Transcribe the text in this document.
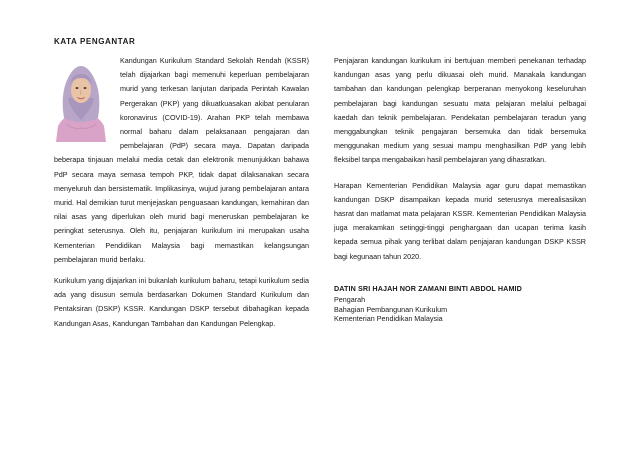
KATA PENGANTAR

Kandungan Kurikulum Standard Sekolah Rendah (KSSR) telah dijajarkan bagi memenuhi keperluan pembelajaran murid yang terkesan lanjutan daripada Perintah Kawalan Pergerakan (PKP) yang dikuatkuasakan akibat penularan koronavirus (COVID-19). Arahan PKP telah membawa normal baharu dalam pelaksanaan pengajaran dan pembelajaran (PdP) secara maya. Dapatan daripada beberapa tinjauan melalui media cetak dan elektronik menunjukkan bahawa PdP secara maya semasa tempoh PKP, tidak dapat dilaksanakan secara menyeluruh dan bersistematik. Implikasinya, wujud jurang pembelajaran antara murid. Hal demikian turut menjejaskan penguasaan kandungan, kemahiran dan nilai asas yang diperlukan oleh murid bagi meneruskan pembelajaran ke peringkat seterusnya. Oleh itu, penjajaran kurikulum ini merupakan usaha Kementerian Pendidikan Malaysia bagi memastikan kelangsungan pembelajaran murid berlaku.

Kurikulum yang dijajarkan ini bukanlah kurikulum baharu, tetapi kurikulum sedia ada yang disusun semula berdasarkan Dokumen Standard Kurikulum dan Pentaksiran (DSKP) KSSR. Kandungan DSKP tersebut dibahagikan kepada Kandungan Asas, Kandungan Tambahan dan Kandungan Pelengkap.

Penjajaran kandungan kurikulum ini bertujuan memberi penekanan terhadap kandungan asas yang perlu dikuasai oleh murid. Manakala kandungan tambahan dan kandungan pelengkap berperanan menyokong keseluruhan pembelajaran bagi kandungan sesuatu mata pelajaran melalui pelbagai kaedah dan teknik pembelajaran. Pendekatan pembelajaran teradun yang menggabungkan teknik pengajaran bersemuka dan tidak bersemuka menggunakan medium yang sesuai mampu menghasilkan PdP yang lebih fleksibel tanpa mengabaikan hasil pembelajaran yang dihasratkan.

Harapan Kementerian Pendidikan Malaysia agar guru dapat memastikan kandungan DSKP disampaikan kepada murid seterusnya merealisasikan hasrat dan matlamat mata pelajaran KSSR. Kementerian Pendidikan Malaysia juga merakamkan setinggi-tinggi penghargaan dan ucapan terima kasih kepada semua pihak yang terlibat dalam penjajaran kandungan DSKP KSSR bagi kegunaan tahun 2020.

DATIN SRI HAJAH NOR ZAMANI BINTI ABDOL HAMID
Pengarah
Bahagian Pembangunan Kurikulum
Kementerian Pendidikan Malaysia
